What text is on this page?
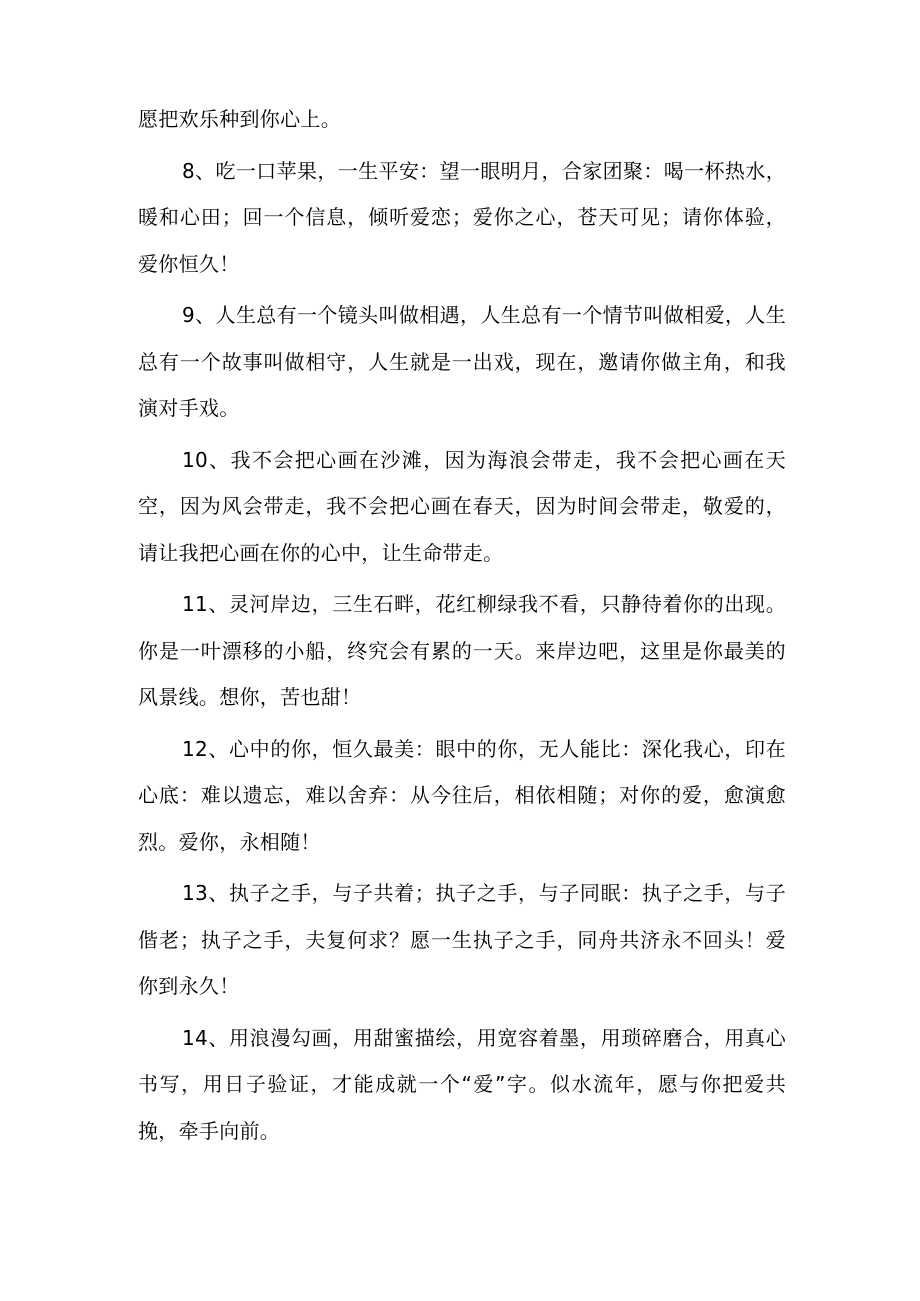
愿把欢乐种到你心上。

8、吃一口苹果，一生平安：望一眼明月，合家团聚：喝一杯热水，暖和心田；回一个信息，倾听爱恋；爱你之心，苍天可见；请你体验，爱你恒久！

9、人生总有一个镜头叫做相遇，人生总有一个情节叫做相爱，人生总有一个故事叫做相守，人生就是一出戏，现在，邀请你做主角，和我演对手戏。

10、我不会把心画在沙滩，因为海浪会带走，我不会把心画在天空，因为风会带走，我不会把心画在春天，因为时间会带走，敬爱的，请让我把心画在你的心中，让生命带走。

11、灵河岸边，三生石畔，花红柳绿我不看，只静待着你的出现。你是一叶漂移的小船，终究会有累的一天。来岸边吧，这里是你最美的风景线。想你，苦也甜！

12、心中的你，恒久最美：眼中的你，无人能比：深化我心，印在心底：难以遗忘，难以舍弃：从今往后，相依相随；对你的爱，愈演愈烈。爱你，永相随！

13、执子之手，与子共着；执子之手，与子同眠：执子之手，与子偕老；执子之手，夫复何求？愿一生执子之手，同舟共济永不回头！爱你到永久！

14、用浪漫勾画，用甜蜜描绘，用宽容着墨，用琐碎磨合，用真心书写，用日子验证，才能成就一个“爱”字。似水流年，愿与你把爱共挽，牵手向前。
